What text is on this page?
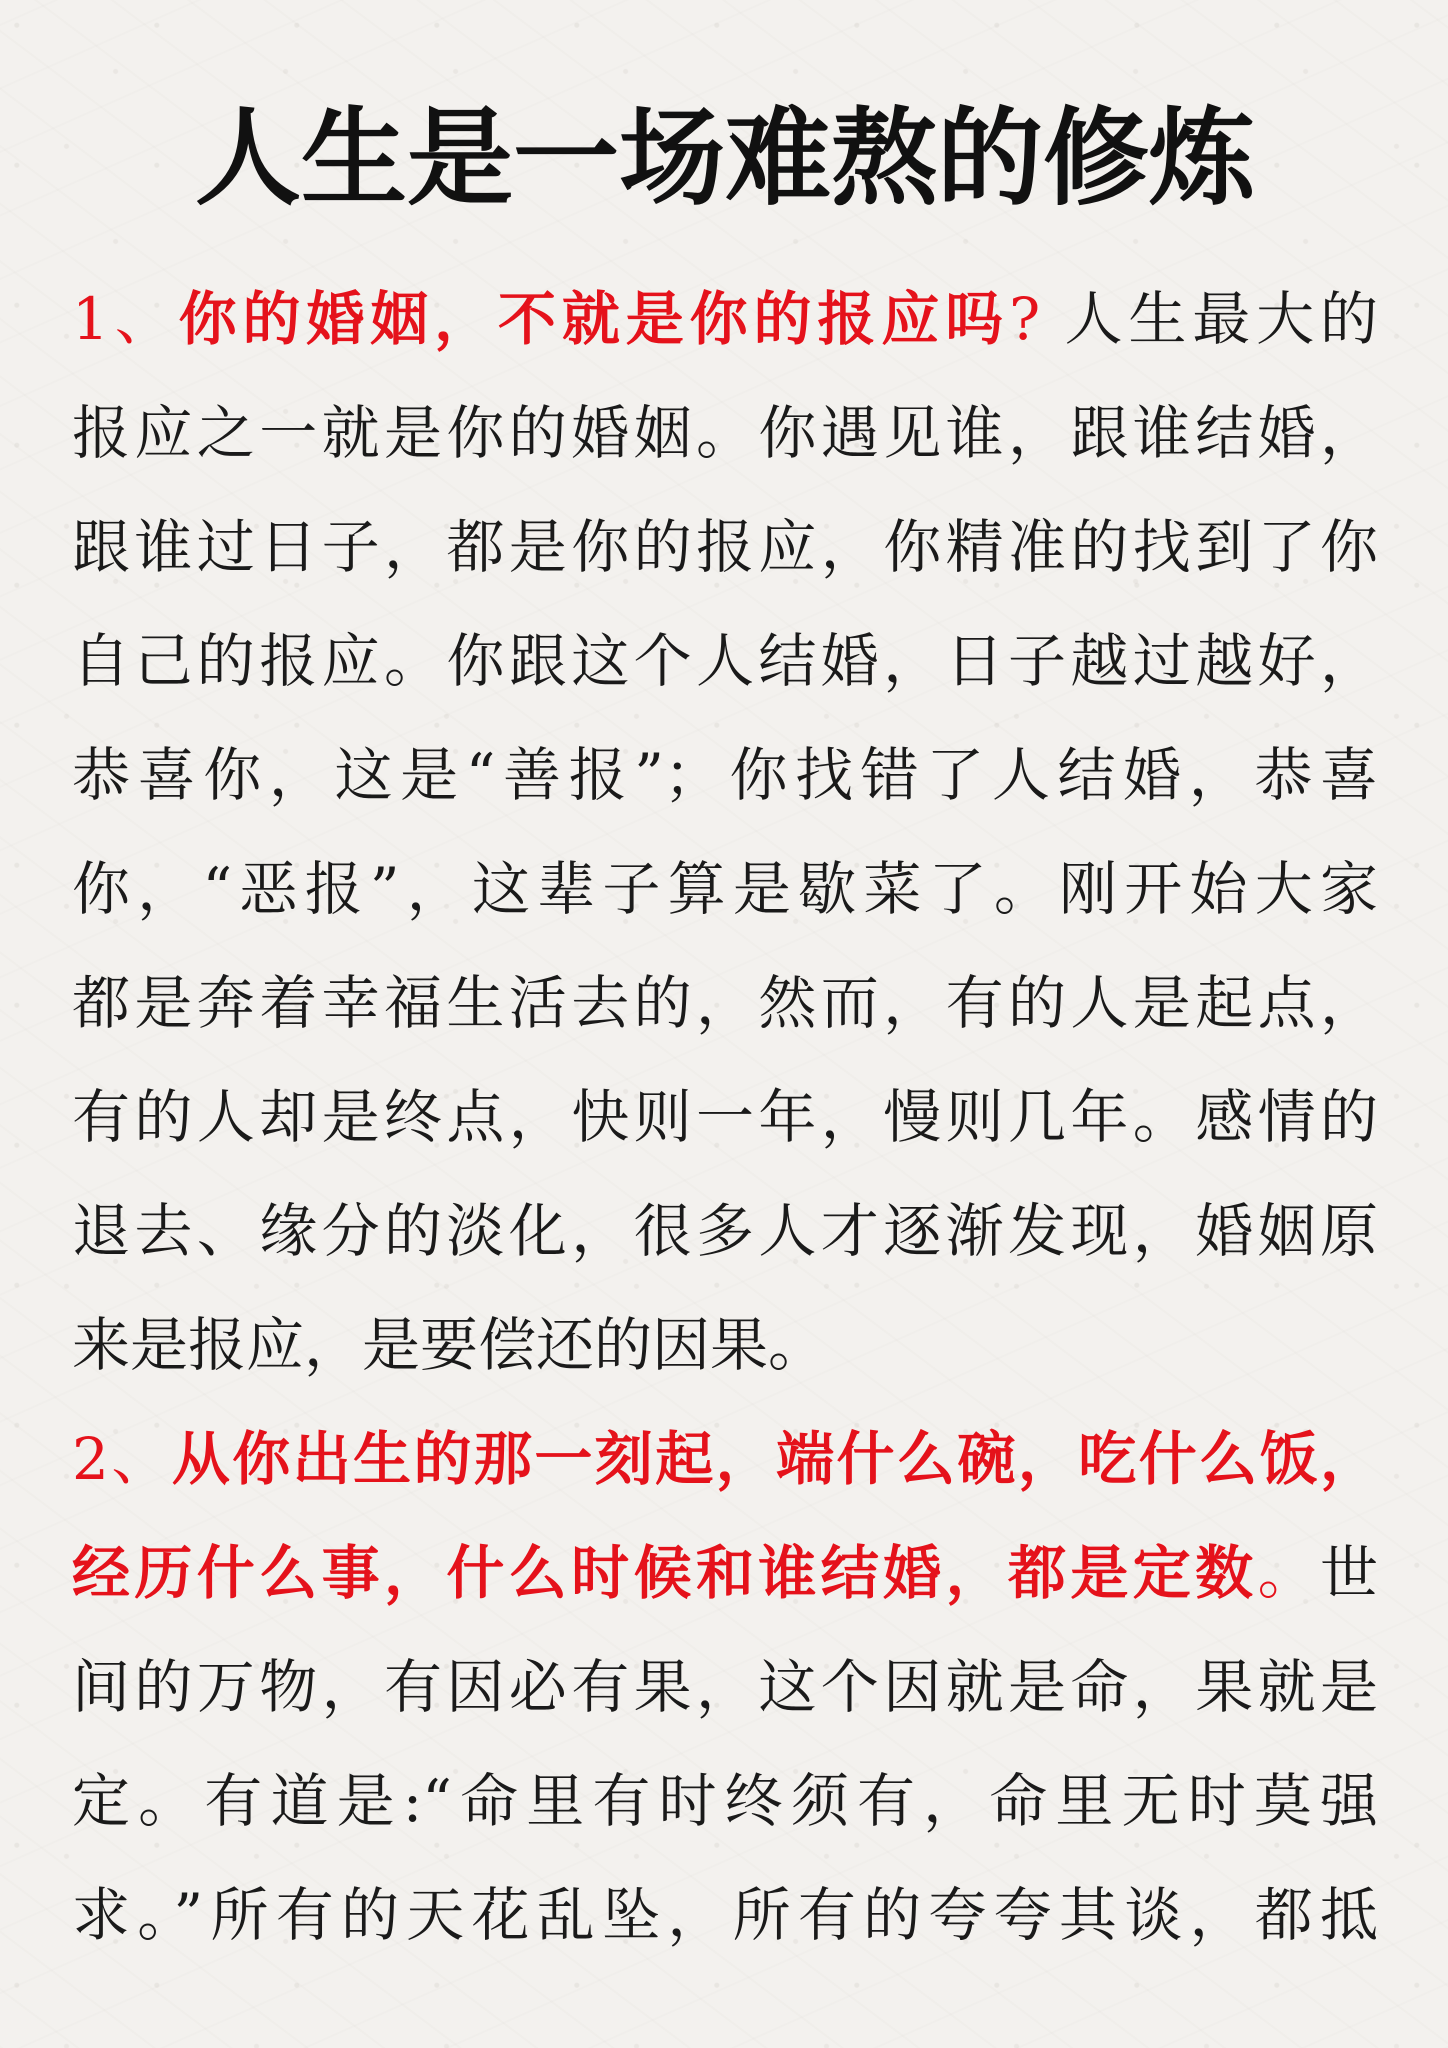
人生是一场难熬的修炼
1、你的婚姻，不就是你的报应吗? 人生最大的
报应之一就是你的婚姻。你遇见谁，跟谁结婚，
跟谁过日子，都是你的报应，你精准的找到了你
自己的报应。你跟这个人结婚，日子越过越好，
恭喜你，这是“善报”；你找错了人结婚，恭喜
你，“恶报”，这辈子算是歇菜了。刚开始大家
都是奔着幸福生活去的，然而，有的人是起点，
有的人却是终点，快则一年，慢则几年。感情的
退去、缘分的淡化，很多人才逐渐发现，婚姻原
来是报应，是要偿还的因果。
2、从你出生的那一刻起，端什么碗，吃什么饭，
经历什么事，什么时候和谁结婚，都是定数。世
间的万物，有因必有果，这个因就是命，果就是
定。有道是:“命里有时终须有，命里无时莫强
求。”所有的天花乱坠，所有的夸夸其谈，都抵
